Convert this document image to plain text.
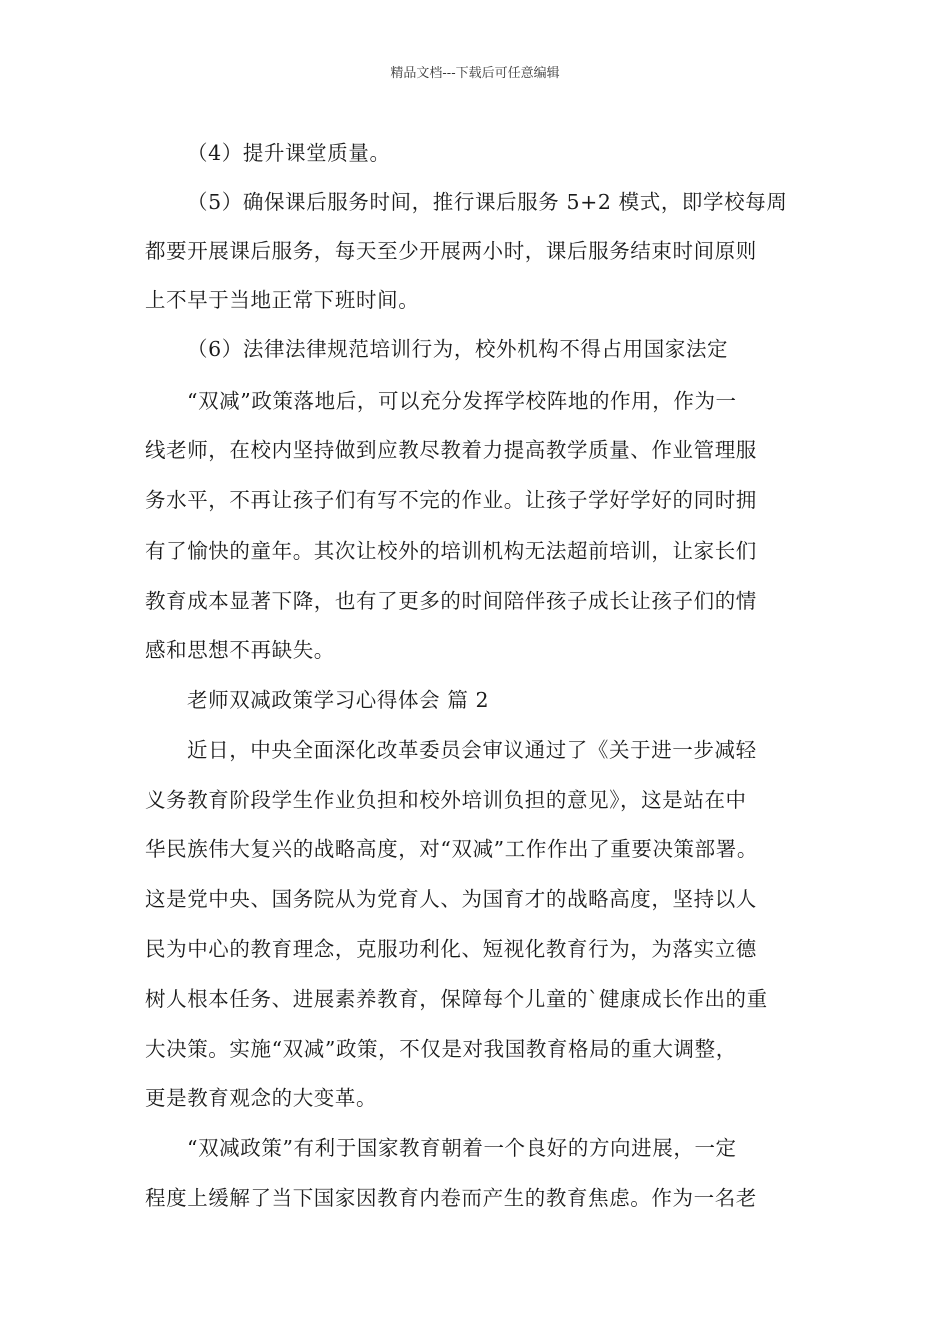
精品文档---下载后可任意编辑
（4）提升课堂质量。
（5）确保课后服务时间，推行课后服务 5+2 模式，即学校每周
都要开展课后服务，每天至少开展两小时，课后服务结束时间原则
上不早于当地正常下班时间。
（6）法律法律规范培训行为，校外机构不得占用国家法定
“双减”政策落地后，可以充分发挥学校阵地的作用，作为一
线老师，在校内坚持做到应教尽教着力提高教学质量、作业管理服
务水平，不再让孩子们有写不完的作业。让孩子学好学好的同时拥
有了愉快的童年。其次让校外的培训机构无法超前培训，让家长们
教育成本显著下降，也有了更多的时间陪伴孩子成长让孩子们的情
感和思想不再缺失。
老师双减政策学习心得体会 篇 2
近日，中央全面深化改革委员会审议通过了《关于进一步减轻
义务教育阶段学生作业负担和校外培训负担的意见》，这是站在中
华民族伟大复兴的战略高度，对“双减”工作作出了重要决策部署。
这是党中央、国务院从为党育人、为国育才的战略高度，坚持以人
民为中心的教育理念，克服功利化、短视化教育行为，为落实立德
树人根本任务、进展素养教育，保障每个儿童的`健康成长作出的重
大决策。实施“双减”政策，不仅是对我国教育格局的重大调整，
更是教育观念的大变革。
“双减政策”有利于国家教育朝着一个良好的方向进展，一定
程度上缓解了当下国家因教育内卷而产生的教育焦虑。作为一名老
